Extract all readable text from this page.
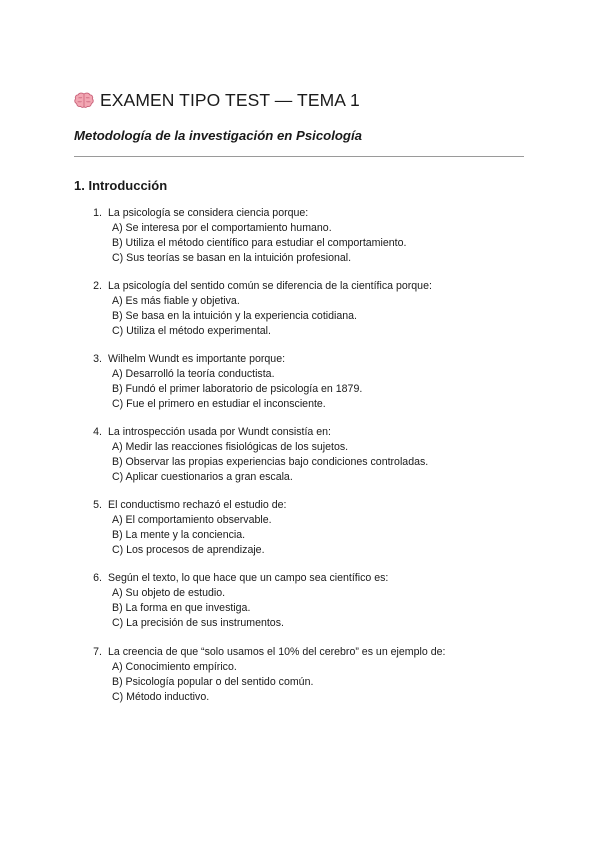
EXAMEN TIPO TEST — TEMA 1

Metodología de la investigación en Psicología

1. Introducción
1. La psicología se considera ciencia porque:
A) Se interesa por el comportamiento humano.
B) Utiliza el método científico para estudiar el comportamiento.
C) Sus teorías se basan en la intuición profesional.
2. La psicología del sentido común se diferencia de la científica porque:
A) Es más fiable y objetiva.
B) Se basa en la intuición y la experiencia cotidiana.
C) Utiliza el método experimental.
3. Wilhelm Wundt es importante porque:
A) Desarrolló la teoría conductista.
B) Fundó el primer laboratorio de psicología en 1879.
C) Fue el primero en estudiar el inconsciente.
4. La introspección usada por Wundt consistía en:
A) Medir las reacciones fisiológicas de los sujetos.
B) Observar las propias experiencias bajo condiciones controladas.
C) Aplicar cuestionarios a gran escala.
5. El conductismo rechazó el estudio de:
A) El comportamiento observable.
B) La mente y la conciencia.
C) Los procesos de aprendizaje.
6. Según el texto, lo que hace que un campo sea científico es:
A) Su objeto de estudio.
B) La forma en que investiga.
C) La precisión de sus instrumentos.
7. La creencia de que “solo usamos el 10% del cerebro” es un ejemplo de:
A) Conocimiento empírico.
B) Psicología popular o del sentido común.
C) Método inductivo.
